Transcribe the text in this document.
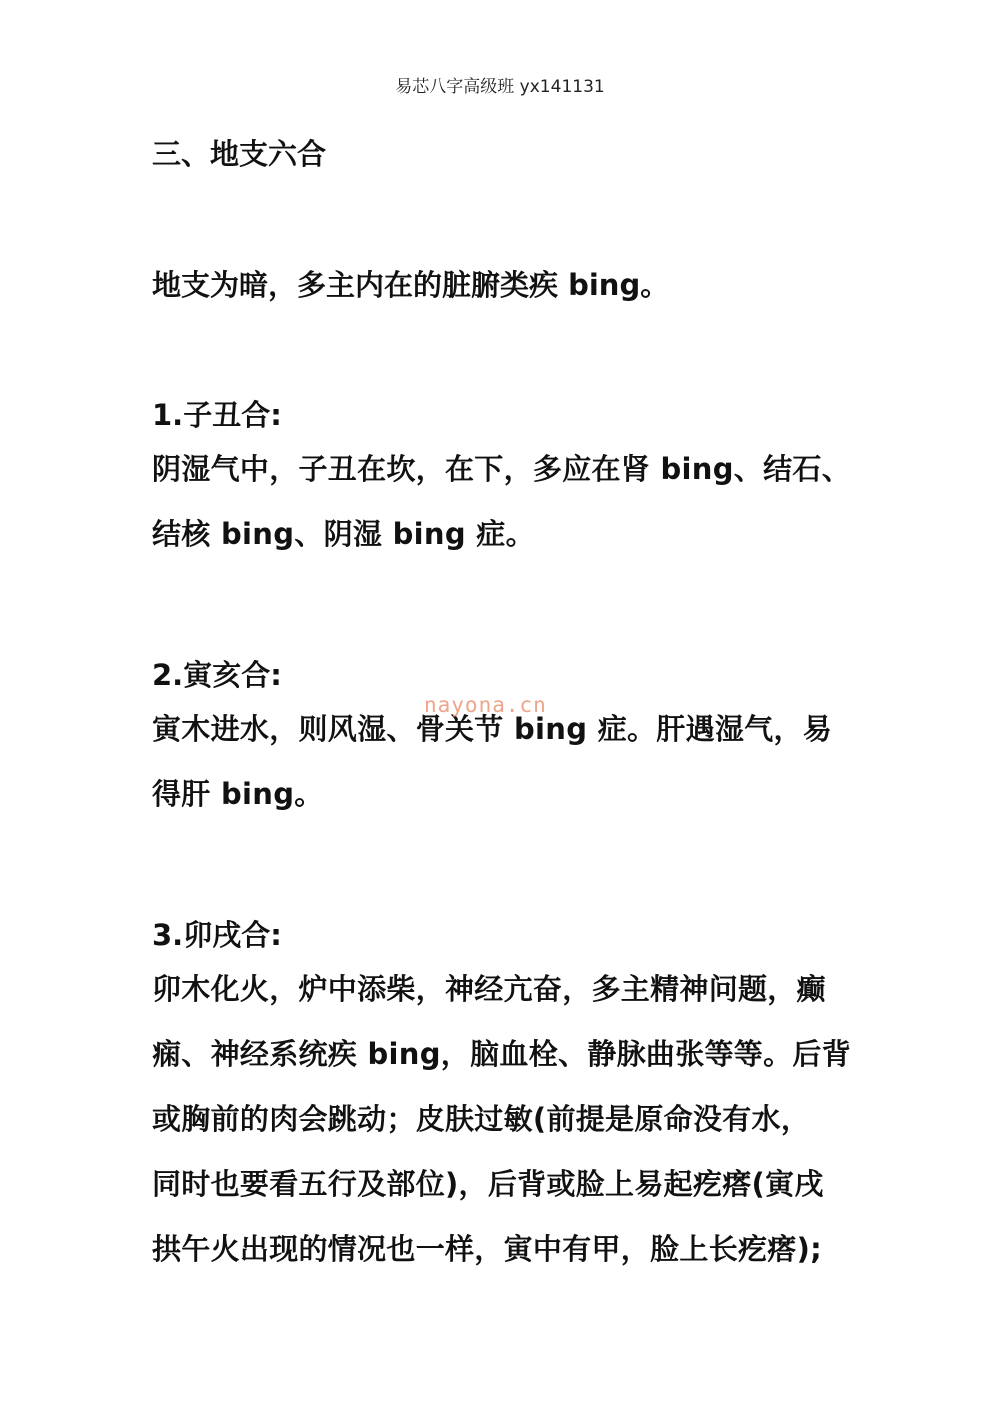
易芯八字高级班 yx141131
三、地支六合

地支为暗，多主内在的脏腑类疾 bing。

1.子丑合:

阴湿气中，子丑在坎，在下，多应在肾 bing、结石、
结核 bing、阴湿 bing 症。

2.寅亥合:

寅木进水，则风湿、骨关节 bing 症。肝遇湿气，易
得肝 bing。

3.卯戌合:

卯木化火，炉中添柴，神经亢奋，多主精神问题，癫
痫、神经系统疾 bing，脑血栓、静脉曲张等等。后背
或胸前的肉会跳动；皮肤过敏(前提是原命没有水，
同时也要看五行及部位)，后背或脸上易起疙瘩(寅戌
拱午火出现的情况也一样，寅中有甲，脸上长疙瘩);

nayona.cn
